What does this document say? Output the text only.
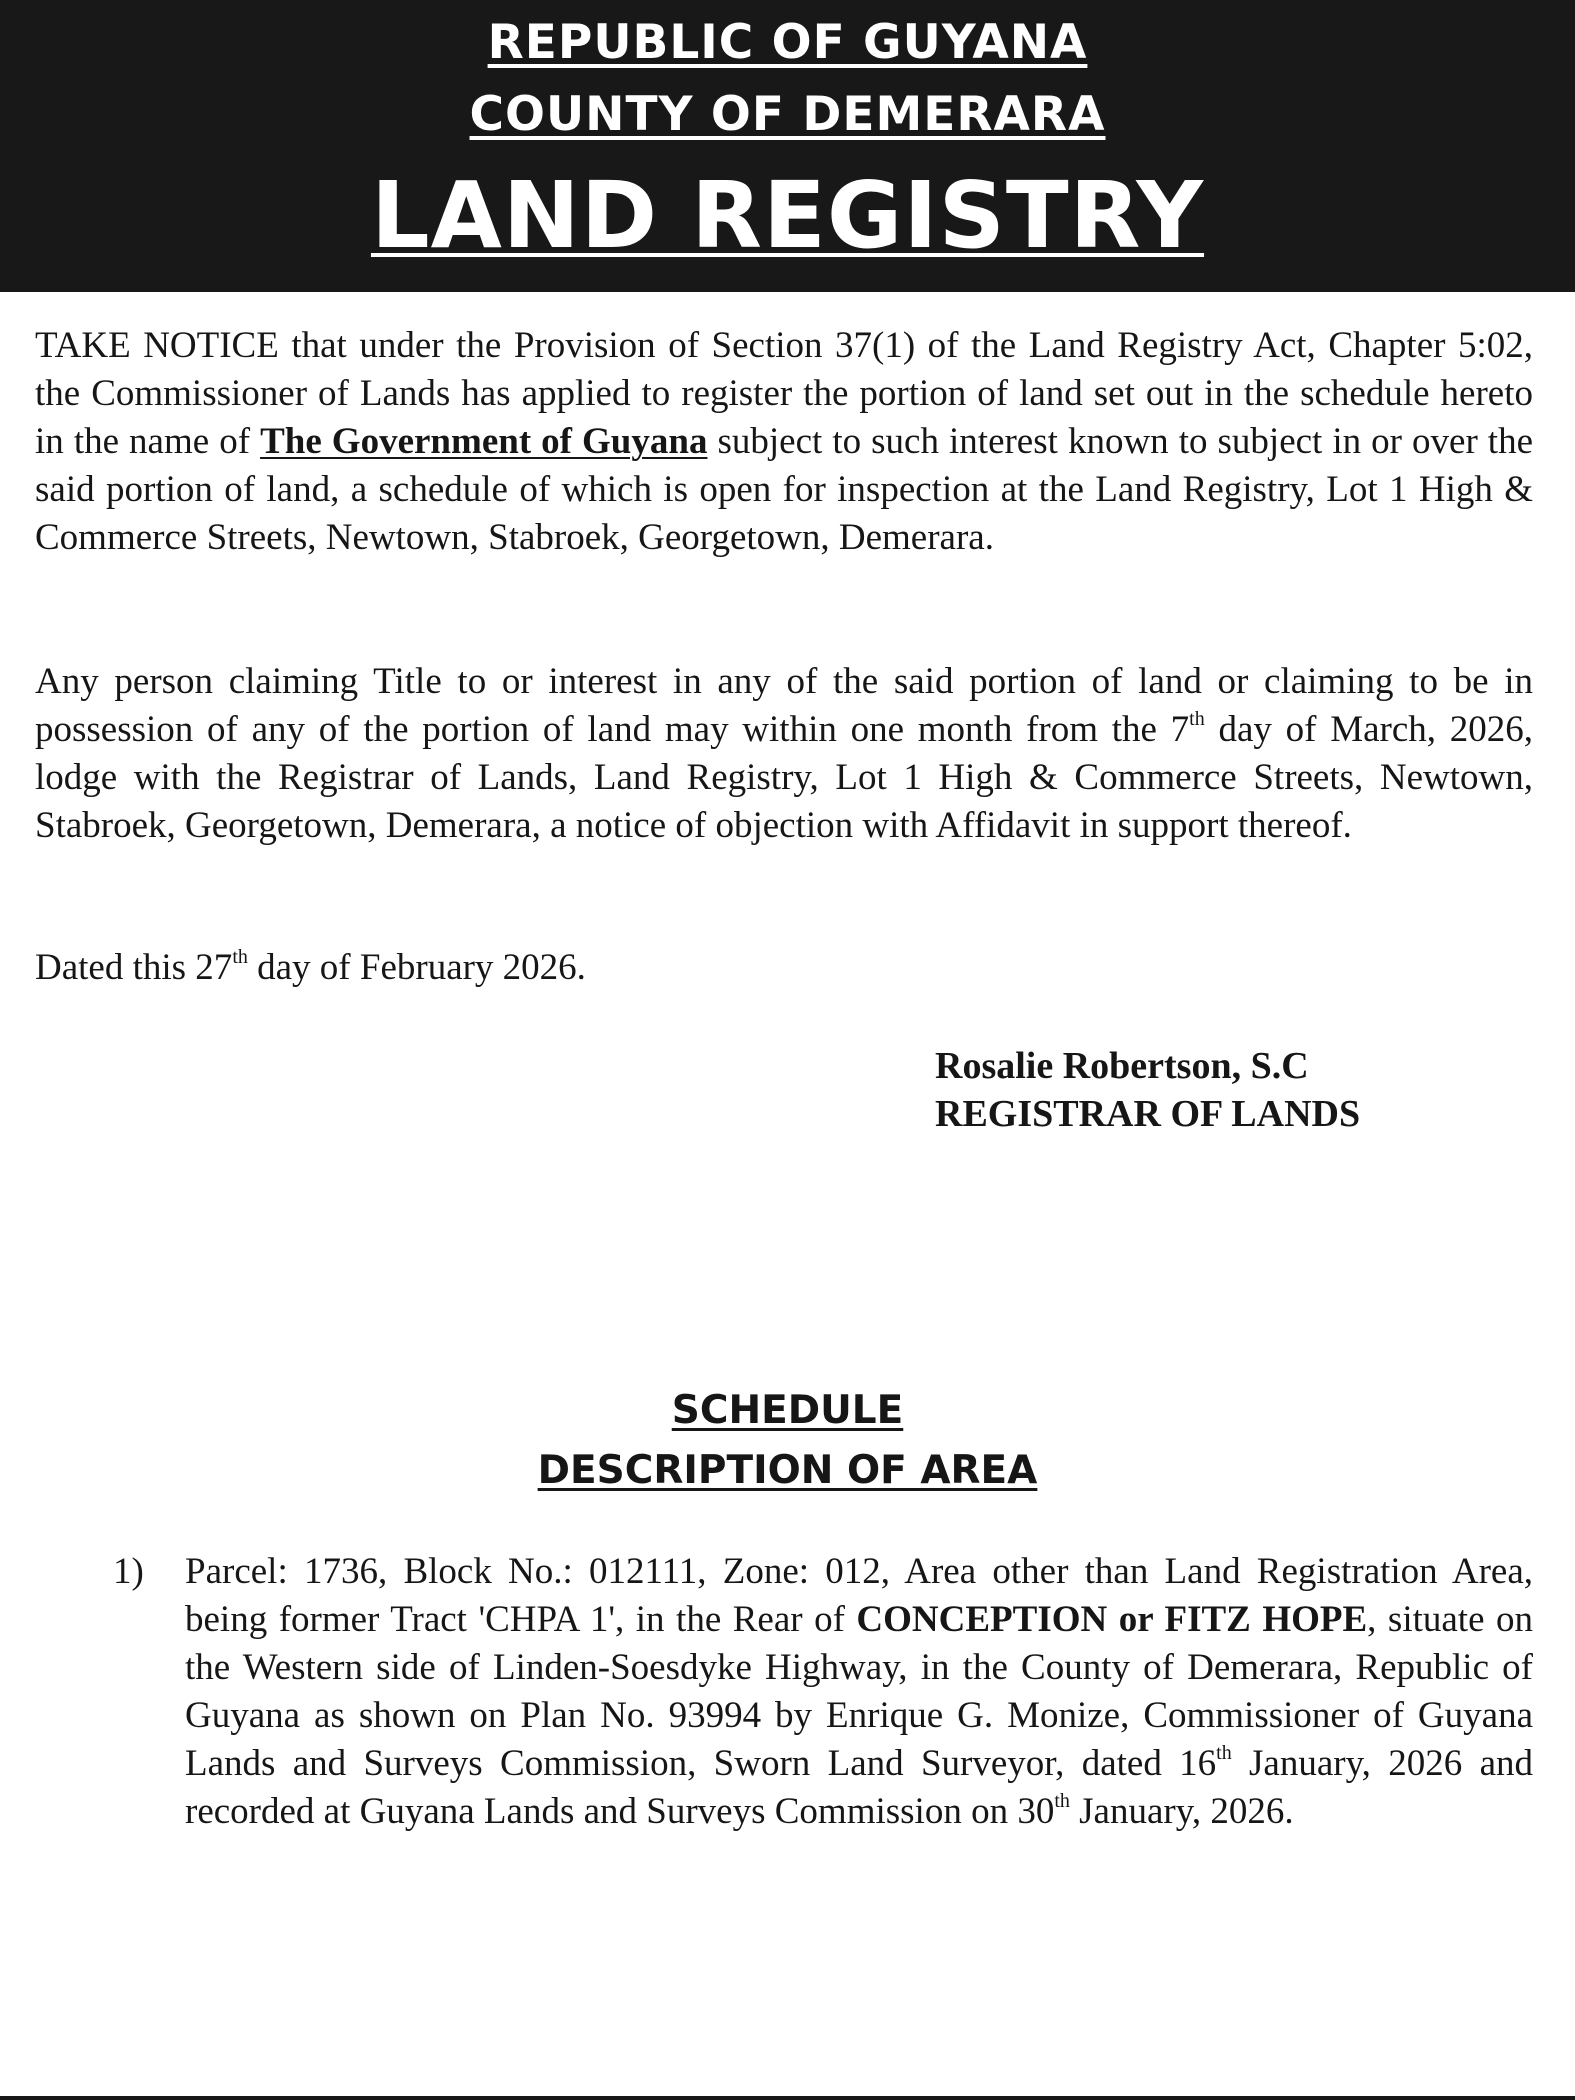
REPUBLIC OF GUYANA
COUNTY OF DEMERARA
LAND REGISTRY
TAKE NOTICE that under the Provision of Section 37(1) of the Land Registry Act, Chapter 5:02, the Commissioner of Lands has applied to register the portion of land set out in the schedule hereto in the name of The Government of Guyana subject to such interest known to subject in or over the said portion of land, a schedule of which is open for inspection at the Land Registry, Lot 1 High & Commerce Streets, Newtown, Stabroek, Georgetown, Demerara.
Any person claiming Title to or interest in any of the said portion of land or claiming to be in possession of any of the portion of land may within one month from the 7th day of March, 2026, lodge with the Registrar of Lands, Land Registry, Lot 1 High & Commerce Streets, Newtown, Stabroek, Georgetown, Demerara, a notice of objection with Affidavit in support thereof.
Dated this 27th day of February 2026.
Rosalie Robertson, S.C
REGISTRAR OF LANDS
SCHEDULE
DESCRIPTION OF AREA
1) Parcel: 1736, Block No.: 012111, Zone: 012, Area other than Land Registration Area, being former Tract 'CHPA 1', in the Rear of CONCEPTION or FITZ HOPE, situate on the Western side of Linden-Soesdyke Highway, in the County of Demerara, Republic of Guyana as shown on Plan No. 93994 by Enrique G. Monize, Commissioner of Guyana Lands and Surveys Commission, Sworn Land Surveyor, dated 16th January, 2026 and recorded at Guyana Lands and Surveys Commission on 30th January, 2026.
